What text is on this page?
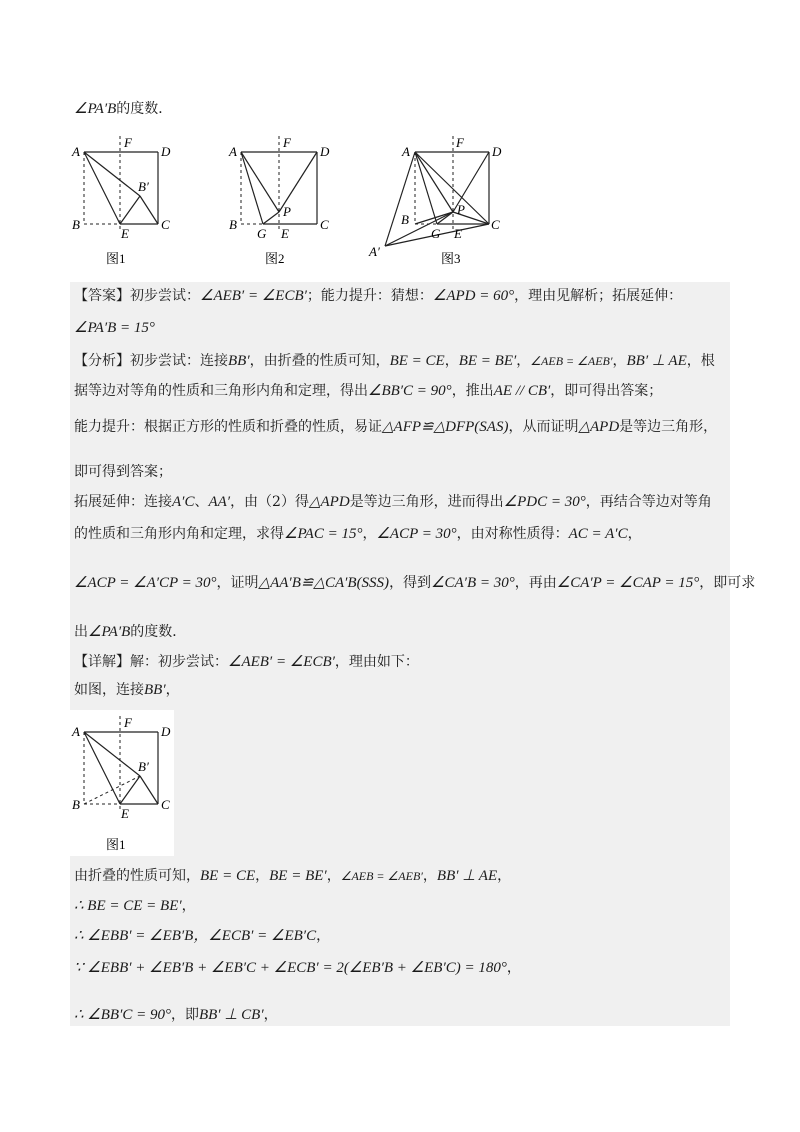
∠PA′B的度数．
A
F
D
B′
B
E
C
图1
A
F
D
P
B
G E
C
图2
A
F
D
P
B
G E
C
A′	图3
【答案】初步尝试：∠AEB′ = ∠ECB′；能力提升：猜想：∠APD = 60°，理由见解析；拓展延伸：
∠PA′B = 15°
【分析】初步尝试：连接BB′，由折叠的性质可知，BE = CE，BE = BE′，∠AEB = ∠AEB′，BB′ ⊥ AE，根
据等边对等角的性质和三角形内角和定理，得出∠BB′C = 90°，推出AE // CB′，即可得出答案；
能力提升：根据正方形的性质和折叠的性质，易证△AFP≌△DFP(SAS)，从而证明△APD是等边三角形，
即可得到答案；
拓展延伸：连接A′C、AA′，由（2）得△APD是等边三角形，进而得出∠PDC = 30°，再结合等边对等角
的性质和三角形内角和定理，求得∠PAC = 15°，∠ACP = 30°，由对称性质得：AC = A′C，
∠ACP = ∠A′CP = 30°，证明△AA′B≌△CA′B(SSS)，得到∠CA′B = 30°，再由∠CA′P = ∠CAP = 15°，即可求
出∠PA′B的度数．
【详解】解：初步尝试：∠AEB′ = ∠ECB′，理由如下：
如图，连接BB′，
A
F
D
B′
B
E
C
图1
由折叠的性质可知，BE = CE，BE = BE′，∠AEB = ∠AEB′，BB′ ⊥ AE，
∴ BE = CE = BE′，
∴ ∠EBB′ = ∠EB′B，∠ECB′ = ∠EB′C，
∵ ∠EBB′ + ∠EB′B + ∠EB′C + ∠ECB′ = 2(∠EB′B + ∠EB′C) = 180°，
∴ ∠BB′C = 90°，即BB′ ⊥ CB′，
